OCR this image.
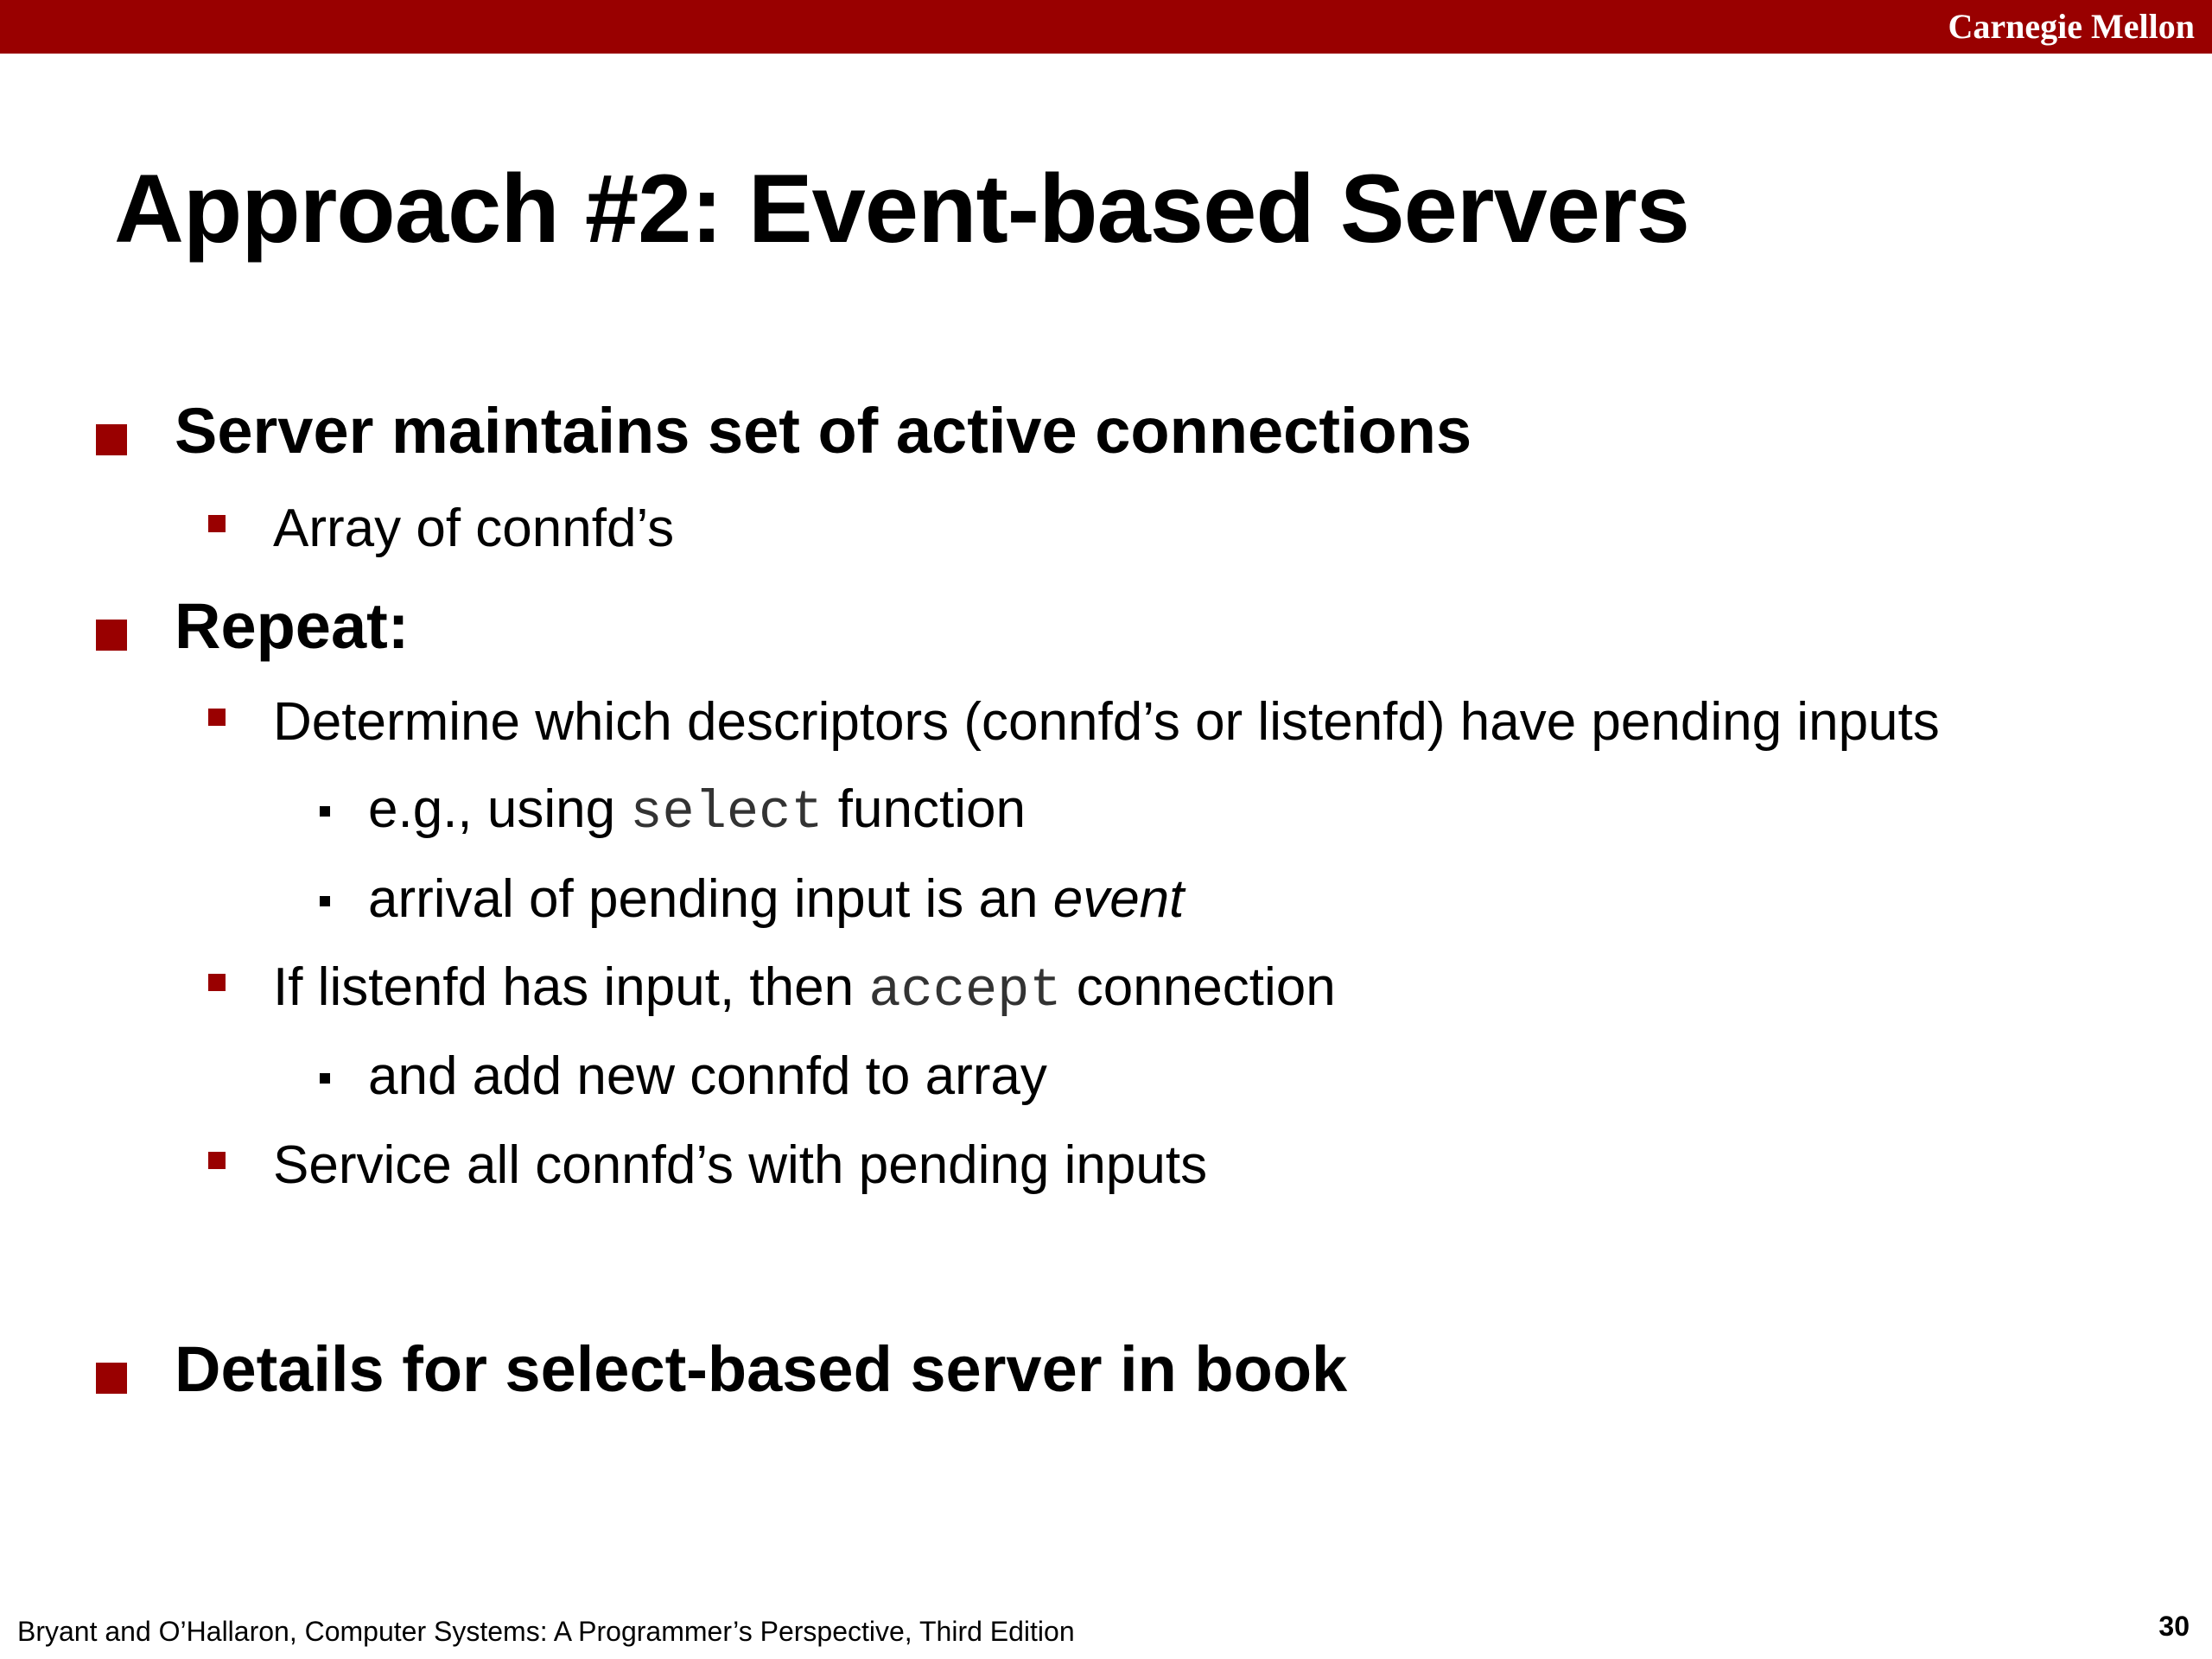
Carnegie Mellon
Approach #2: Event-based Servers
Server maintains set of active connections
Array of connfd’s
Repeat:
Determine which descriptors (connfd’s or listenfd) have pending inputs
e.g., using select function
arrival of pending input is an event
If listenfd has input, then accept connection
and add new connfd to array
Service all connfd’s with pending inputs
Details for select-based server in book
Bryant and O’Hallaron, Computer Systems: A Programmer’s Perspective, Third Edition	30
